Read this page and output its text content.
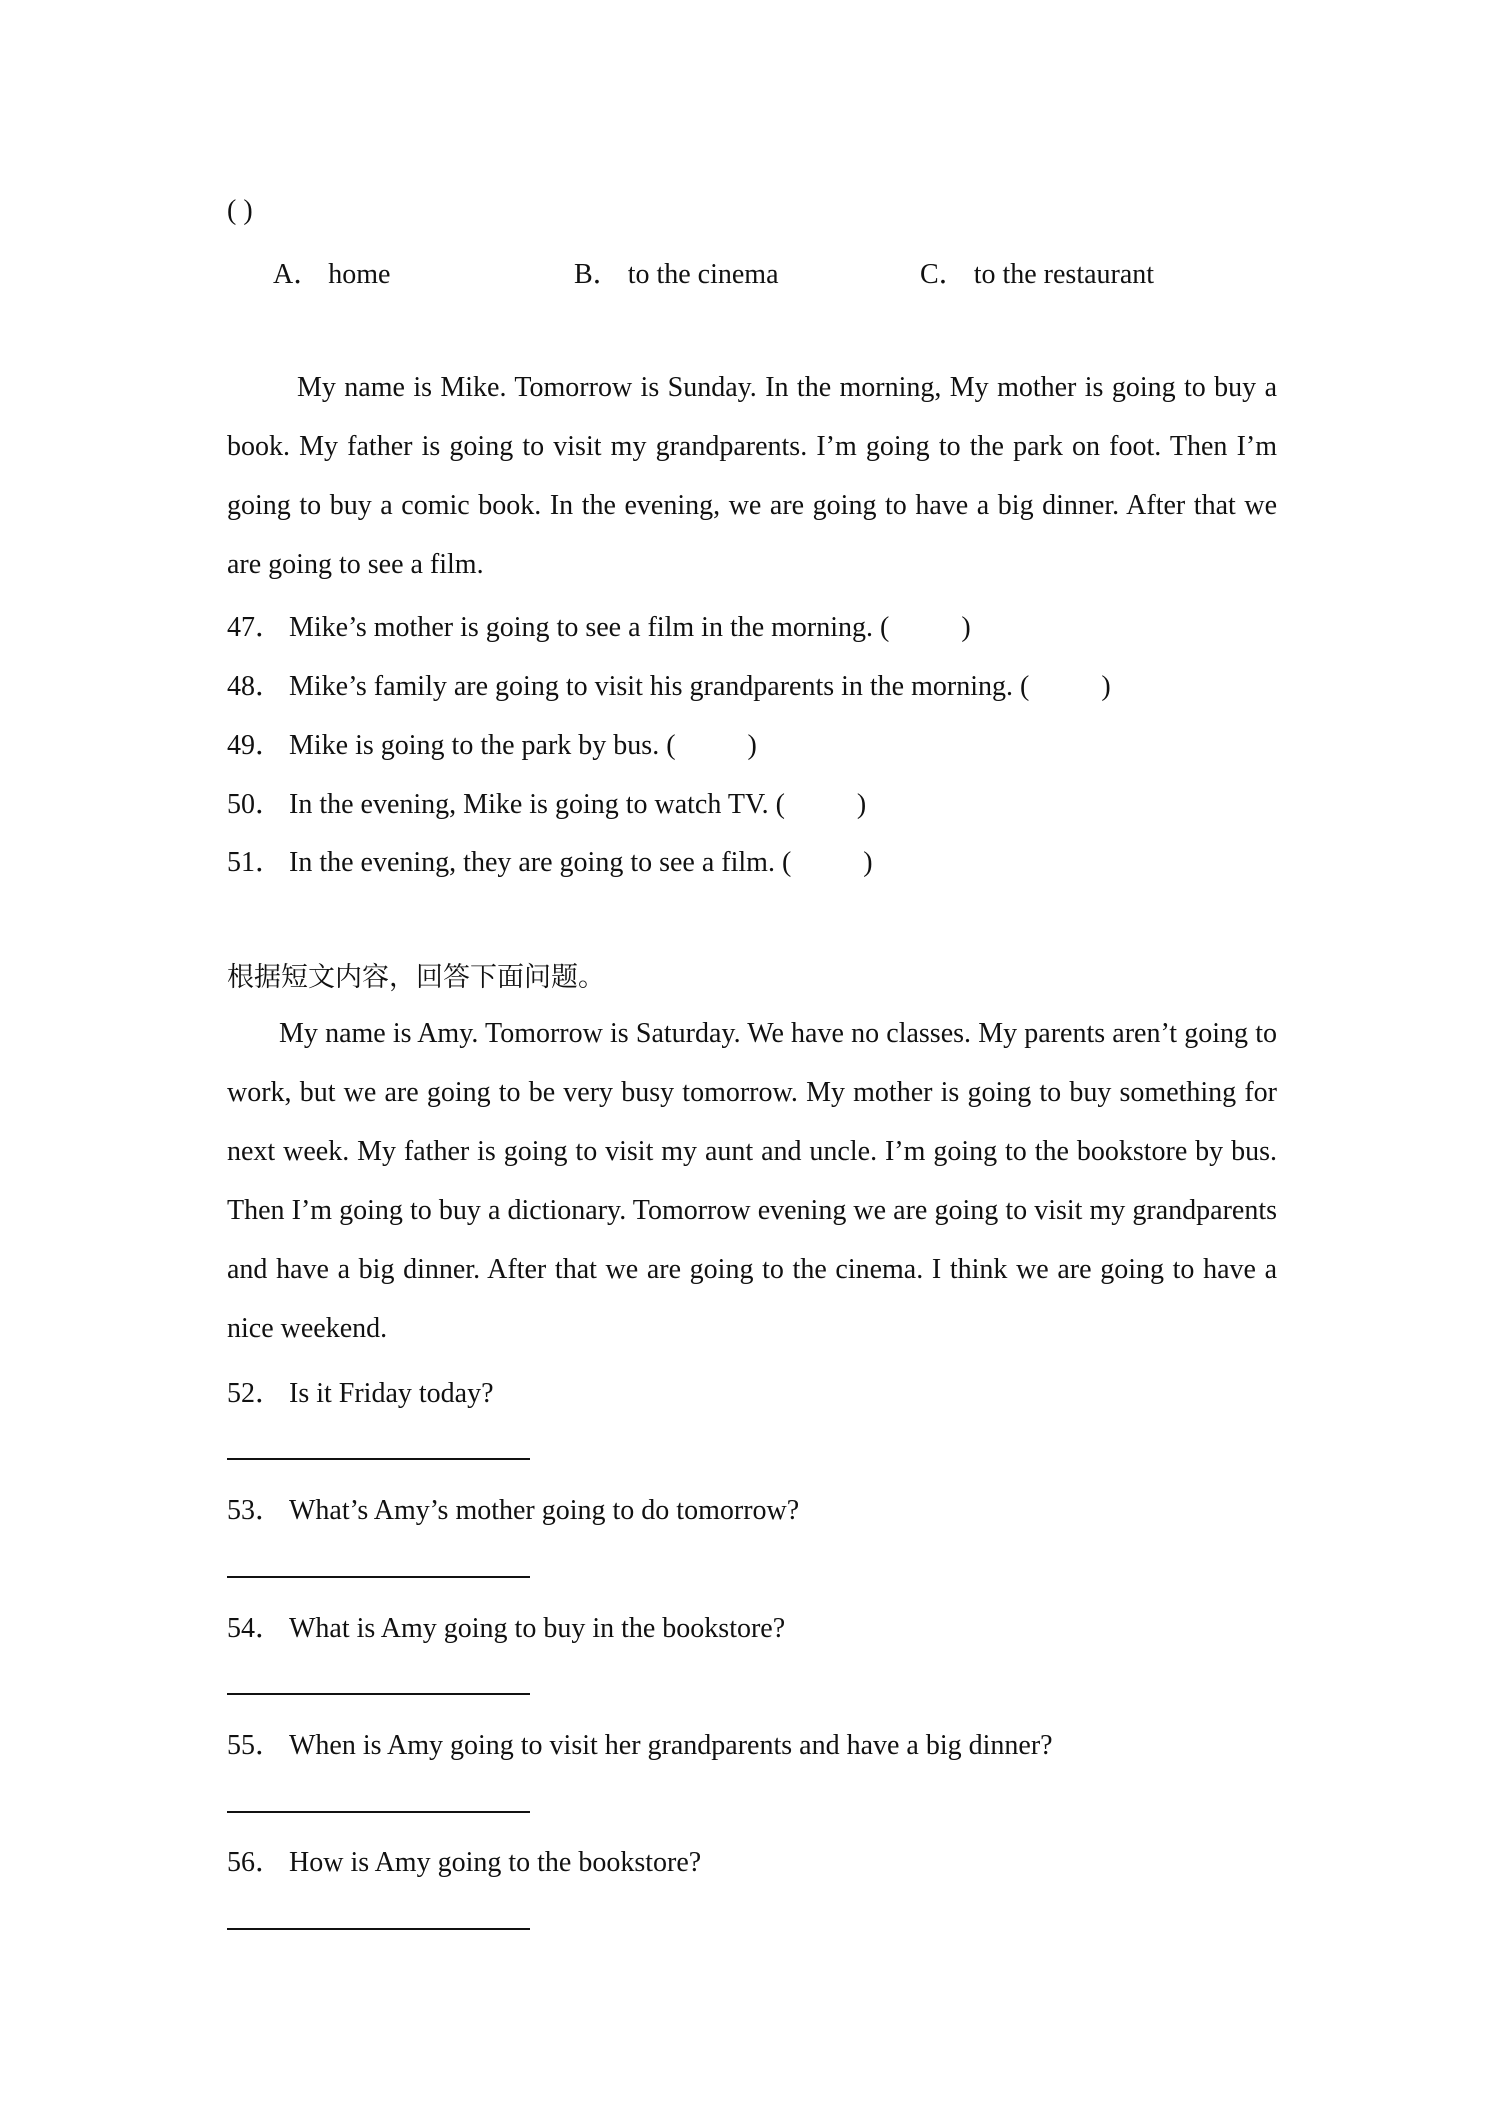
( )
A． home	B． to the cinema	C． to the restaurant
My name is Mike. Tomorrow is Sunday. In the morning, My mother is going to buy a book. My father is going to visit my grandparents. I’m going to the park on foot. Then I’m going to buy a comic book. In the evening, we are going to have a big dinner. After that we are going to see a film.
47． Mike’s mother is going to see a film in the morning. (	)
48． Mike’s family are going to visit his grandparents in the morning. (	)
49． Mike is going to the park by bus. (	)
50． In the evening, Mike is going to watch TV. (	)
51． In the evening, they are going to see a film. (	)
根据短文内容，回答下面问题。
My name is Amy. Tomorrow is Saturday. We have no classes. My parents aren’t going to work, but we are going to be very busy tomorrow. My mother is going to buy something for next week. My father is going to visit my aunt and uncle. I’m going to the bookstore by bus. Then I’m going to buy a dictionary. Tomorrow evening we are going to visit my grandparents and have a big dinner. After that we are going to the cinema. I think we are going to have a nice weekend.
52． Is it Friday today?
53． What’s Amy’s mother going to do tomorrow?
54． What is Amy going to buy in the bookstore?
55． When is Amy going to visit her grandparents and have a big dinner?
56． How is Amy going to the bookstore?
